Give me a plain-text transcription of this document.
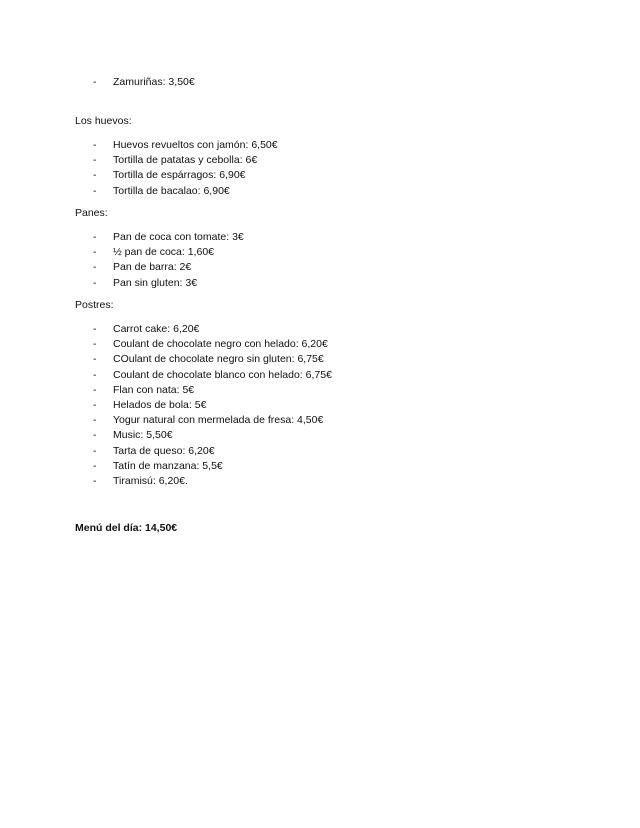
- Zamuriñas: 3,50€
Los huevos:
- Huevos revueltos con jamón: 6,50€
- Tortilla de patatas y cebolla: 6€
- Tortilla de espárragos: 6,90€
- Tortilla de bacalao: 6,90€
Panes:
- Pan de coca con tomate: 3€
- ½ pan de coca: 1,60€
- Pan de barra: 2€
- Pan sin gluten: 3€
Postres:
- Carrot cake: 6,20€
- Coulant de chocolate negro con helado: 6,20€
- COulant de chocolate negro sin gluten: 6,75€
- Coulant de chocolate blanco con helado: 6,75€
- Flan con nata: 5€
- Helados de bola: 5€
- Yogur natural con mermelada de fresa: 4,50€
- Music: 5,50€
- Tarta de queso: 6,20€
- Tatín de manzana: 5,5€
- Tiramisú: 6,20€.

Menú del día: 14,50€
